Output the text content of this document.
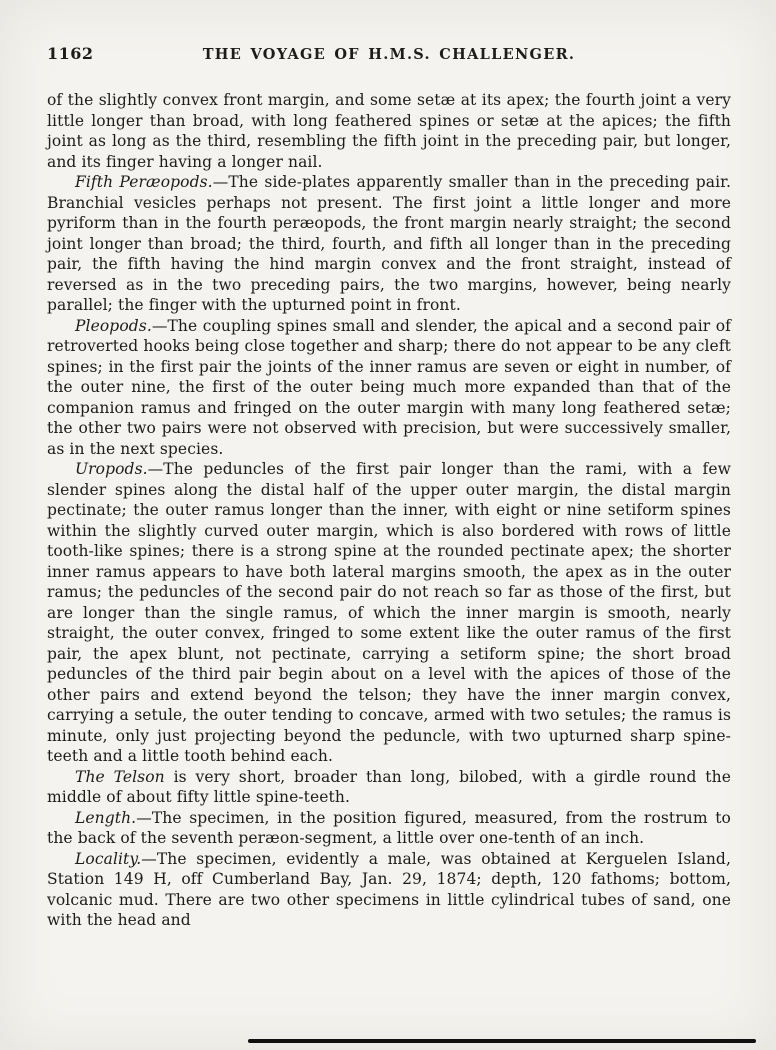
1162	THE VOYAGE OF H.M.S. CHALLENGER.

of the slightly convex front margin, and some setæ at its apex; the fourth joint a very little longer than broad, with long feathered spines or setæ at the apices; the fifth joint as long as the third, resembling the fifth joint in the preceding pair, but longer, and its finger having a longer nail.

Fifth Peræopods.—The side-plates apparently smaller than in the preceding pair. Branchial vesicles perhaps not present. The first joint a little longer and more pyriform than in the fourth peræopods, the front margin nearly straight; the second joint longer than broad; the third, fourth, and fifth all longer than in the preceding pair, the fifth having the hind margin convex and the front straight, instead of reversed as in the two preceding pairs, the two margins, however, being nearly parallel; the finger with the upturned point in front.

Pleopods.—The coupling spines small and slender, the apical and a second pair of retroverted hooks being close together and sharp; there do not appear to be any cleft spines; in the first pair the joints of the inner ramus are seven or eight in number, of the outer nine, the first of the outer being much more expanded than that of the companion ramus and fringed on the outer margin with many long feathered setæ; the other two pairs were not observed with precision, but were successively smaller, as in the next species.

Uropods.—The peduncles of the first pair longer than the rami, with a few slender spines along the distal half of the upper outer margin, the distal margin pectinate; the outer ramus longer than the inner, with eight or nine setiform spines within the slightly curved outer margin, which is also bordered with rows of little tooth-like spines; there is a strong spine at the rounded pectinate apex; the shorter inner ramus appears to have both lateral margins smooth, the apex as in the outer ramus; the peduncles of the second pair do not reach so far as those of the first, but are longer than the single ramus, of which the inner margin is smooth, nearly straight, the outer convex, fringed to some extent like the outer ramus of the first pair, the apex blunt, not pectinate, carrying a setiform spine; the short broad peduncles of the third pair begin about on a level with the apices of those of the other pairs and extend beyond the telson; they have the inner margin convex, carrying a setule, the outer tending to concave, armed with two setules; the ramus is minute, only just projecting beyond the peduncle, with two upturned sharp spine-teeth and a little tooth behind each.

The Telson is very short, broader than long, bilobed, with a girdle round the middle of about fifty little spine-teeth.

Length.—The specimen, in the position figured, measured, from the rostrum to the back of the seventh peræon-segment, a little over one-tenth of an inch.

Locality.—The specimen, evidently a male, was obtained at Kerguelen Island, Station 149 H, off Cumberland Bay, Jan. 29, 1874; depth, 120 fathoms; bottom, volcanic mud. There are two other specimens in little cylindrical tubes of sand, one with the head and
